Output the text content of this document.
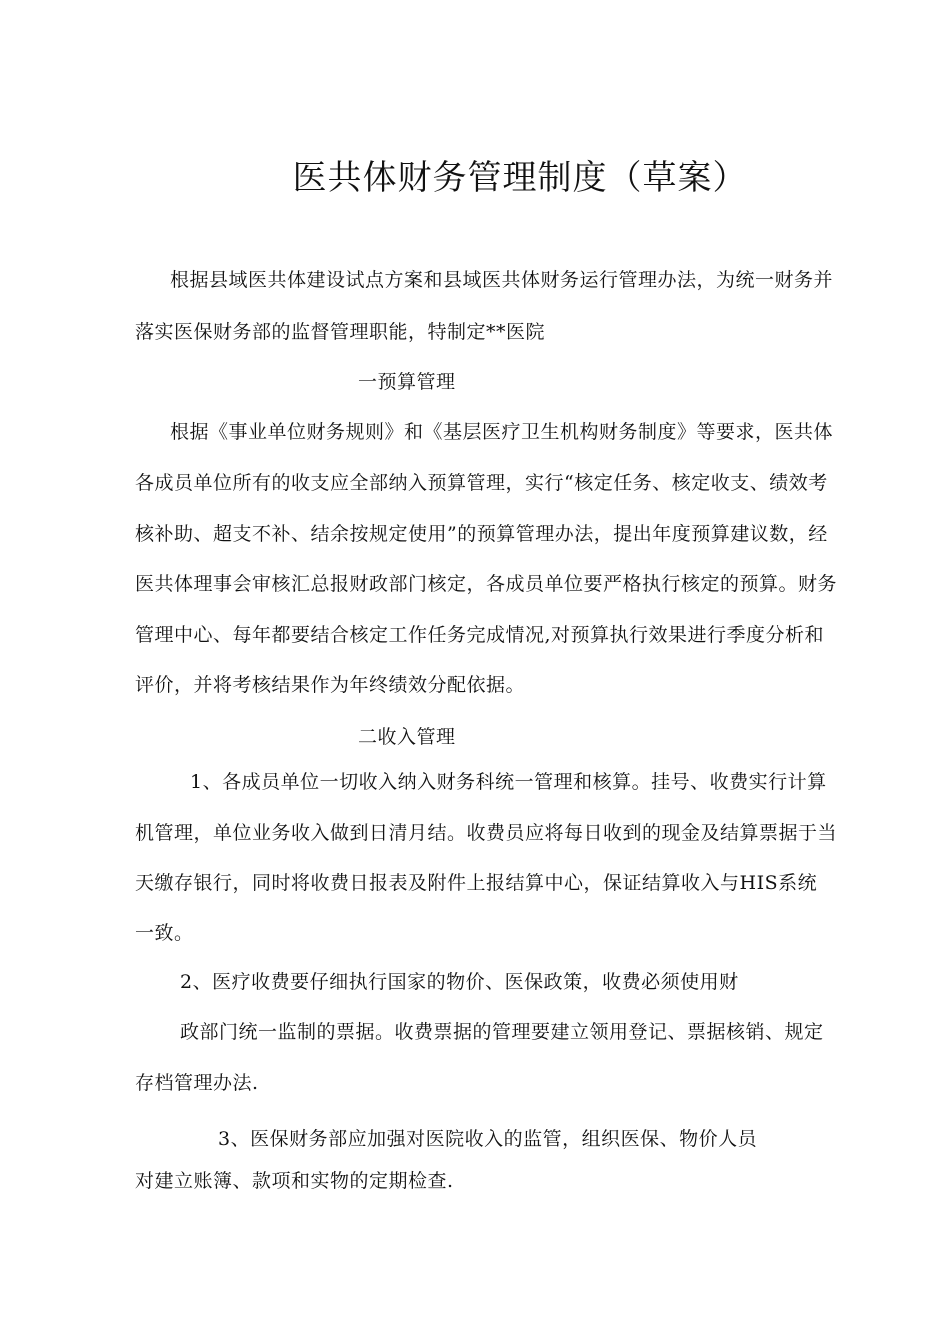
医共体财务管理制度（草案）
根据县域医共体建设试点方案和县域医共体财务运行管理办法，为统一财务并
落实医保财务部的监督管理职能，特制定**医院
一预算管理
根据《事业单位财务规则》和《基层医疗卫生机构财务制度》等要求，医共体
各成员单位所有的收支应全部纳入预算管理，实行“核定任务、核定收支、绩效考
核补助、超支不补、结余按规定使用”的预算管理办法，提出年度预算建议数，经
医共体理事会审核汇总报财政部门核定，各成员单位要严格执行核定的预算。财务
管理中心、每年都要结合核定工作任务完成情况,对预算执行效果进行季度分析和
评价，并将考核结果作为年终绩效分配依据。
二收入管理
1、各成员单位一切收入纳入财务科统一管理和核算。挂号、收费实行计算
机管理，单位业务收入做到日清月结。收费员应将每日收到的现金及结算票据于当
天缴存银行，同时将收费日报表及附件上报结算中心，保证结算收入与HIS系统
一致。
2、医疗收费要仔细执行国家的物价、医保政策，收费必须使用财
政部门统一监制的票据。收费票据的管理要建立领用登记、票据核销、规定
存档管理办法.
3、医保财务部应加强对医院收入的监管，组织医保、物价人员
对建立账簿、款项和实物的定期检查.
